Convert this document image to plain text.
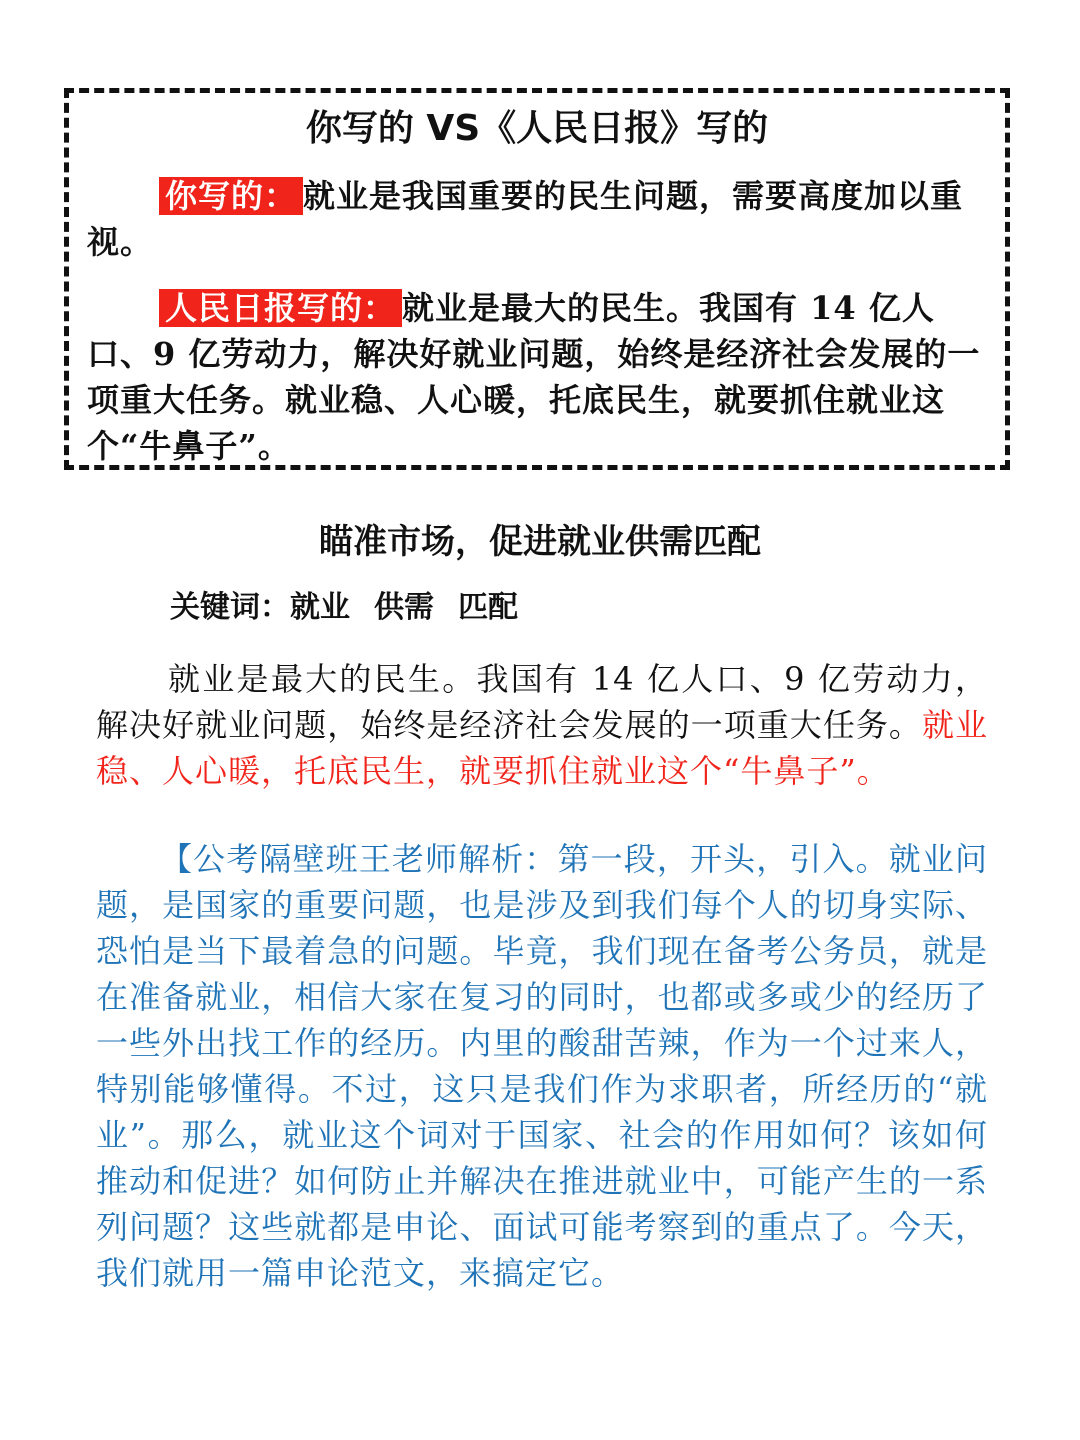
你写的 VS《人民日报》写的
你写的： 就业是我国重要的民生问题，需要高度加以重视。
人民日报写的： 就业是最大的民生。我国有 14 亿人口、9 亿劳动力，解决好就业问题，始终是经济社会发展的一项重大任务。就业稳、人心暖，托底民生，就要抓住就业这个“牛鼻子”。
瞄准市场，促进就业供需匹配
关键词：就业 供需 匹配
就业是最大的民生。我国有 14 亿人口、9 亿劳动力，解决好就业问题，始终是经济社会发展的一项重大任务。就业稳、人心暖，托底民生，就要抓住就业这个“牛鼻子”。
【公考隔壁班王老师解析：第一段，开头，引入。就业问题，是国家的重要问题，也是涉及到我们每个人的切身实际、恐怕是当下最着急的问题。毕竟，我们现在备考公务员，就是在准备就业，相信大家在复习的同时，也都或多或少的经历了一些外出找工作的经历。内里的酸甜苦辣，作为一个过来人，特别能够懂得。不过，这只是我们作为求职者，所经历的“就业”。那么，就业这个词对于国家、社会的作用如何？该如何推动和促进？如何防止并解决在推进就业中，可能产生的一系列问题？这些就都是申论、面试可能考察到的重点了。今天，我们就用一篇申论范文，来搞定它。
